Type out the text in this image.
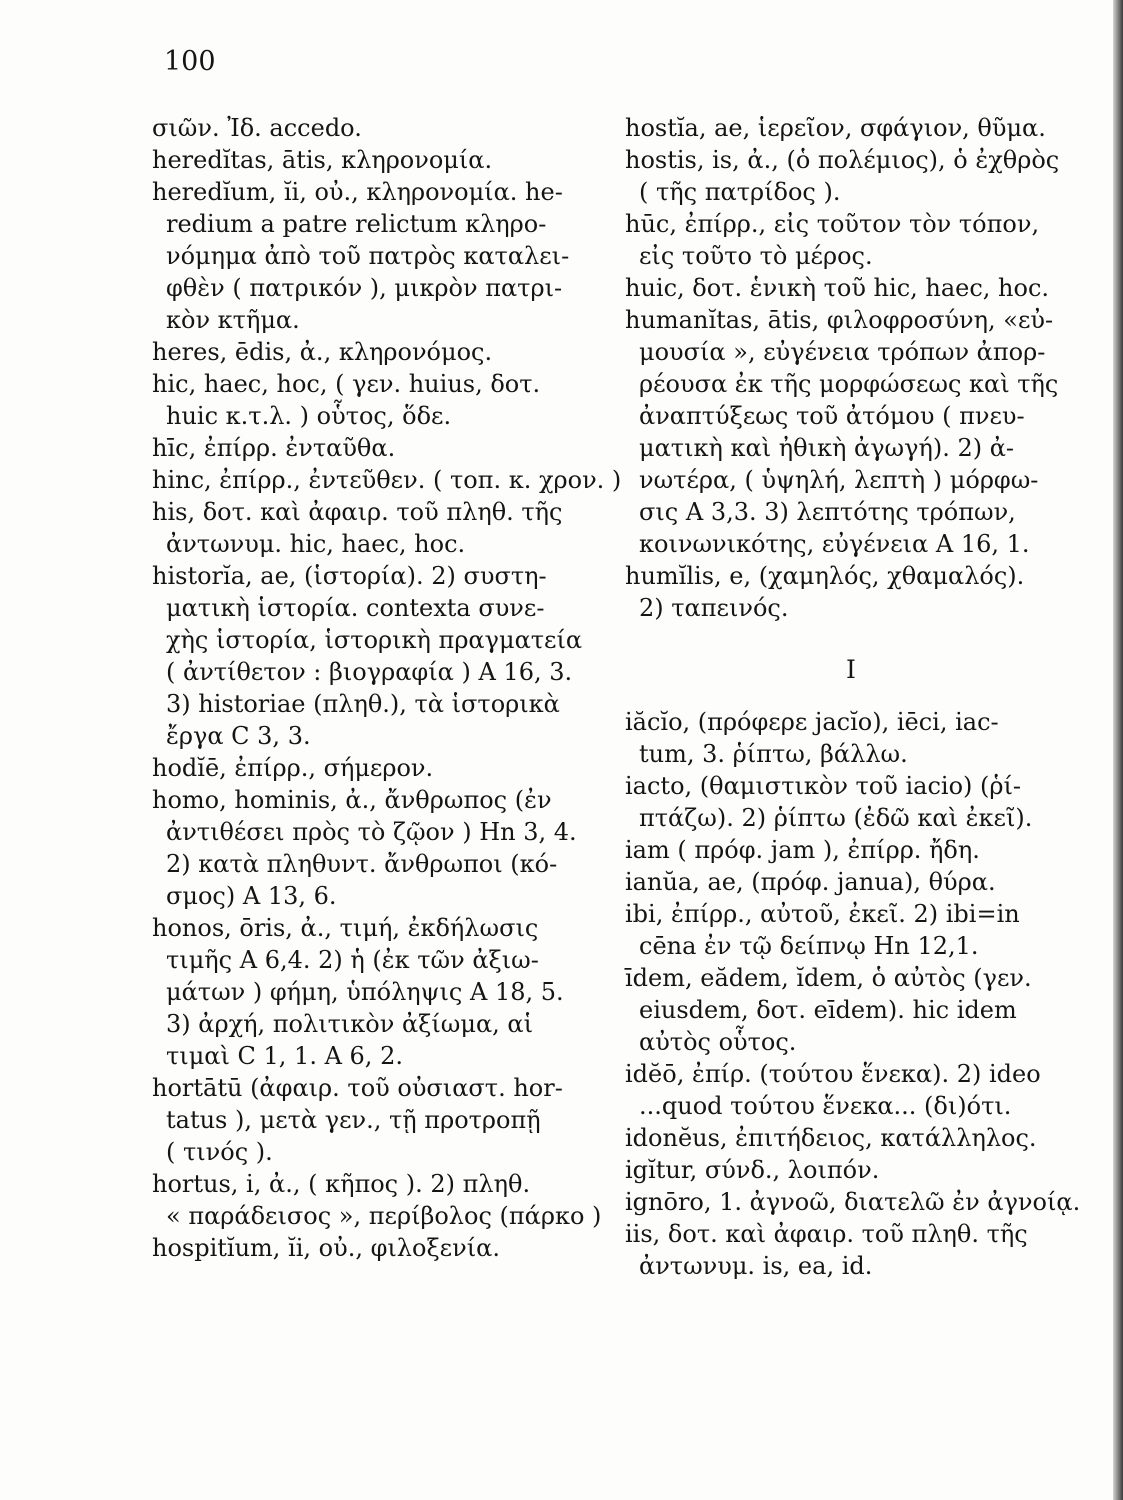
100
σιῶν. Ἰδ. accedo.
heredĭtas, ātis, κληρονομία.
heredĭum, ĭi, οὐ., κληρονομία. he-
redium a patre relictum κληρο-
νόμημα ἀπὸ τοῦ πατρὸς καταλει-
φθὲν ( πατρικόν ), μικρὸν πατρι-
κὸν κτῆμα.
heres, ēdis, ἀ., κληρονόμος.
hic, haec, hoc, ( γεν. huius, δοτ.
huic κ.τ.λ. ) οὗτος, ὅδε.
hīc, ἐπίρρ. ἐνταῦθα.
hinc, ἐπίρρ., ἐντεῦθεν. ( τοπ. κ. χρον. )
his, δοτ. καὶ ἀφαιρ. τοῦ πληθ. τῆς
ἀντωνυμ. hic, haec, hoc.
historĭa, ae, (ἱστορία). 2) συστη-
ματικὴ ἱστορία. contexta συνε-
χὴς ἱστορία, ἱστορικὴ πραγματεία
( ἀντίθετον : βιογραφία ) A 16, 3.
3) historiae (πληθ.), τὰ ἱστορικὰ
ἔργα C 3, 3.
hodĭē, ἐπίρρ., σήμερον.
homo, hominis, ἀ., ἄνθρωπος (ἐν
ἀντιθέσει πρὸς τὸ ζῷον ) Hn 3, 4.
2) κατὰ πληθυντ. ἄνθρωποι (κό-
σμος) A 13, 6.
honos, ōris, ἀ., τιμή, ἐκδήλωσις
τιμῆς A 6,4. 2) ἡ (ἐκ τῶν ἀξιω-
μάτων ) φήμη, ὑπόληψις A 18, 5.
3) ἀρχή, πολιτικὸν ἀξίωμα, αἱ
τιμαὶ C 1, 1. A 6, 2.
hortātū (ἀφαιρ. τοῦ οὐσιαστ. hor-
tatus ), μετὰ γεν., τῇ προτροπῇ
( τινός ).
hortus, i, ἀ., ( κῆπος ). 2) πληθ.
« παράδεισος », περίβολος (πάρκο )
hospitĭum, ĭi, οὐ., φιλοξενία.
hostĭa, ae, ἱερεῖον, σφάγιον, θῦμα.
hostis, is, ἀ., (ὁ πολέμιος), ὁ ἐχθρὸς
( τῆς πατρίδος ).
hūc, ἐπίρρ., εἰς τοῦτον τὸν τόπον,
εἰς τοῦτο τὸ μέρος.
huic, δοτ. ἑνικὴ τοῦ hic, haec, hoc.
humanĭtas, ātis, φιλοφροσύνη, «εὐ-
μουσία », εὐγένεια τρόπων ἀπορ-
ρέουσα ἐκ τῆς μορφώσεως καὶ τῆς
ἀναπτύξεως τοῦ ἀτόμου ( πνευ-
ματικὴ καὶ ἠθικὴ ἀγωγή). 2) ἀ-
νωτέρα, ( ὑψηλή, λεπτὴ ) μόρφω-
σις A 3,3. 3) λεπτότης τρόπων,
κοινωνικότης, εὐγένεια A 16, 1.
humĭlis, e, (χαμηλός, χθαμαλός).
2) ταπεινός.
I
iăcĭo, (πρόφερε jacĭo), iēci, iac-
tum, 3. ῥίπτω, βάλλω.
iacto, (θαμιστικὸν τοῦ iacio) (ῥί-
πτάζω). 2) ῥίπτω (ἐδῶ καὶ ἐκεῖ).
iam ( πρόφ. jam ), ἐπίρρ. ἤδη.
ianŭa, ae, (πρόφ. janua), θύρα.
ibi, ἐπίρρ., αὐτοῦ, ἐκεῖ. 2) ibi=in
cēna ἐν τῷ δείπνῳ Hn 12,1.
īdem, eădem, ĭdem, ὁ αὐτὸς (γεν.
eiusdem, δοτ. eīdem). hic idem
αὐτὸς οὗτος.
idĕō, ἐπίρ. (τούτου ἕνεκα). 2) ideo
...quod τούτου ἕνεκα... (δι)ότι.
idonĕus, ἐπιτήδειος, κατάλληλος.
igĭtur, σύνδ., λοιπόν.
ignōro, 1. ἀγνοῶ, διατελῶ ἐν ἀγνοίᾳ.
iis, δοτ. καὶ ἀφαιρ. τοῦ πληθ. τῆς
ἀντωνυμ. is, ea, id.
